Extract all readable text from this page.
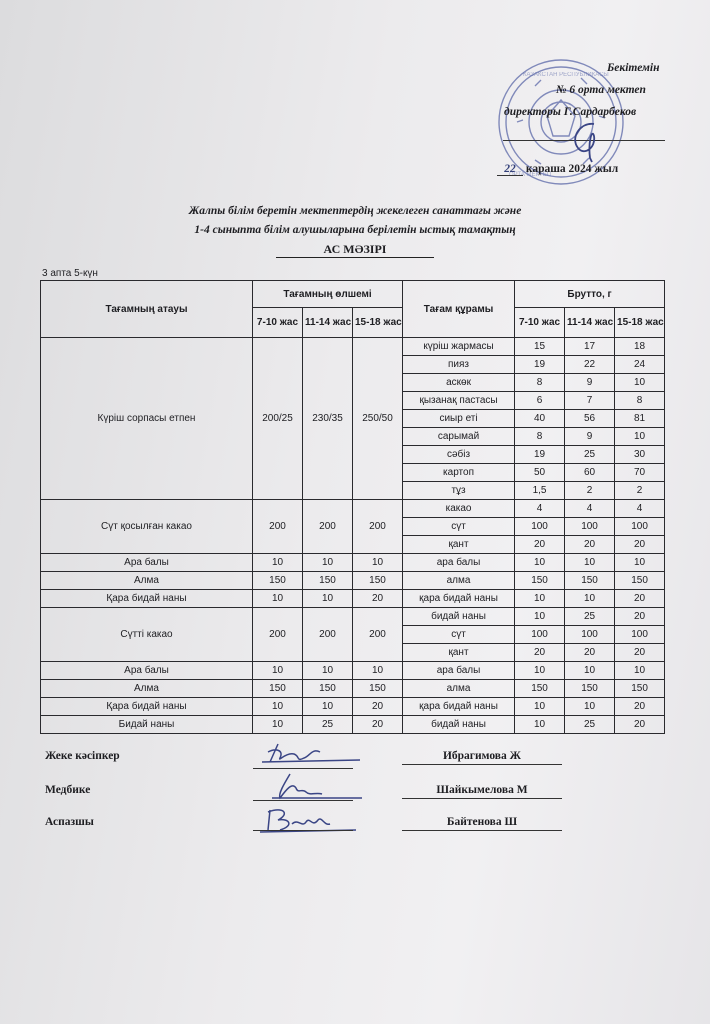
КАЗАКСТАН РЕСПУБЛИКАСЫ
ОРТА МЕКТЕП
Бекітемін
№ 6 орта мектеп
директоры Г.Сардарбеков
22 караша 2024 жыл
Жалпы білім беретін мектептердің жекелеген санаттағы және
1-4 сыныпта білім алушыларына берілетін ыстық тамақтың
АС МӘЗІРІ
3 апта 5-күн
Тағамның атауы	Тағамның өлшемі			Тағам құрамы	Брутто, г		
	7-10 жас	11-14 жас	15-18 жас		7-10 жас	11-14 жас	15-18 жас
Күріш сорпасы етпен	200/25	230/35	250/50	күріш жармасы	15	17	18
				пияз	19	22	24
				аскөк	8	9	10
				қызанақ пастасы	6	7	8
				сиыр еті	40	56	81
				сарымай	8	9	10
				сәбіз	19	25	30
				картоп	50	60	70
				тұз	1,5	2	2
Сүт қосылған какао	200	200	200	какао	4	4	4
				сүт	100	100	100
				қант	20	20	20
Ара балы	10	10	10	ара балы	10	10	10
Алма	150	150	150	алма	150	150	150
Қара бидай наны	10	10	20	қара бидай наны	10	10	20
Сүтті какао	200	200	200	бидай наны	10	25	20
				сүт	100	100	100
				қант	20	20	20
Ара балы	10	10	10	ара балы	10	10	10
Алма	150	150	150	алма	150	150	150
Қара бидай наны	10	10	20	қара бидай наны	10	10	20
Бидай наны	10	25	20	бидай наны	10	25	20
Жеке кәсіпкер	Ибрагимова Ж
Медбике	Шайкымелова М
Аспазшы	Байтенова Ш
